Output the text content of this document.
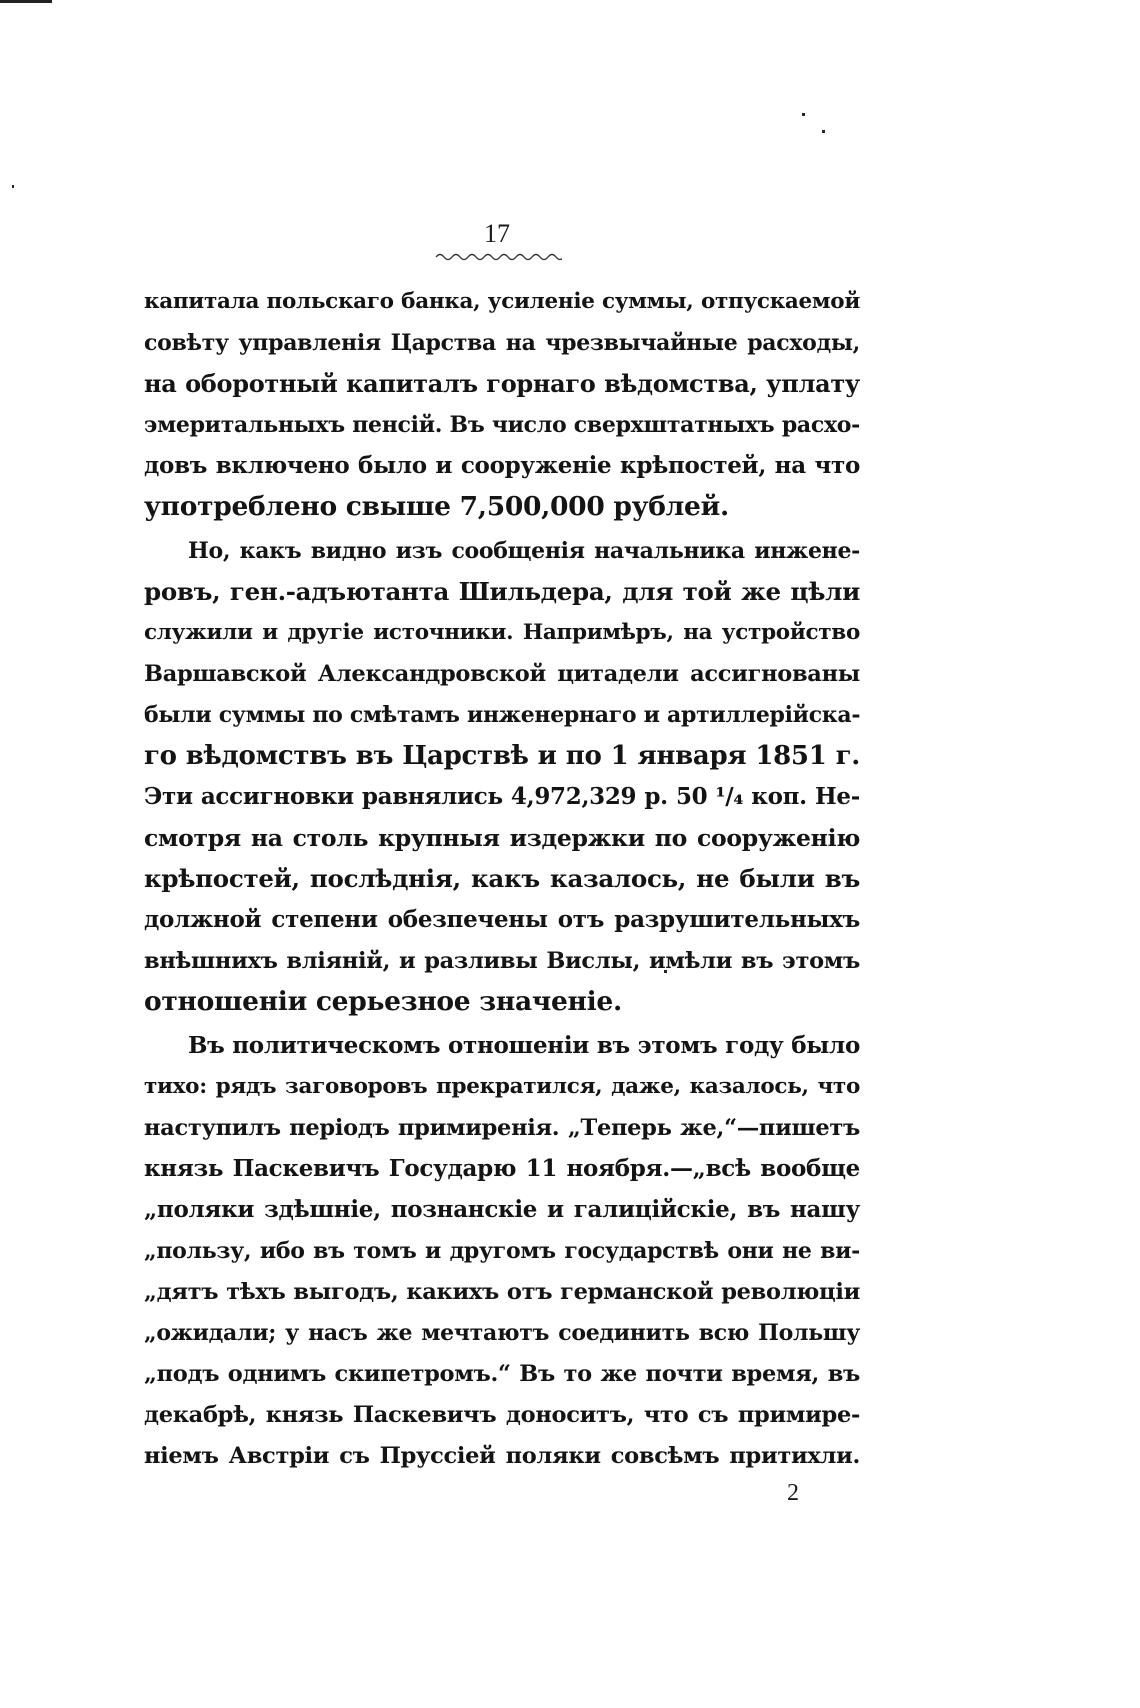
17
капитала польскаго банка, усиленіе суммы, отпускаемой
совѣту управленія Царства на чрезвычайные расходы,
на оборотный капиталъ горнаго вѣдомства, уплату
эмеритальныхъ пенсій. Въ число сверхштатныхъ расхо-
довъ включено было и сооруженіе крѣпостей, на что
употреблено свыше 7,500,000 рублей.
Но, какъ видно изъ сообщенія начальника инжене-
ровъ, ген.-адъютанта Шильдера, для той же цѣли
служили и другіе источники. Напримѣръ, на устройство
Варшавской Александровской цитадели ассигнованы
были суммы по смѣтамъ инженернаго и артиллерійска-
го вѣдомствъ въ Царствѣ и по 1 января 1851 г.
Эти ассигновки равнялись 4,972,329 р. 50 ¹/₄ коп. Не-
смотря на столь крупныя издержки по сооруженію
крѣпостей, послѣднія, какъ казалось, не были въ
должной степени обезпечены отъ разрушительныхъ
внѣшнихъ вліяній, и разливы Вислы, имѣли въ этомъ
отношеніи серьезное значеніе.
Въ политическомъ отношеніи въ этомъ году было
тихо: рядъ заговоровъ прекратился, даже, казалось, что
наступилъ періодъ примиренія. „Теперь же,“—пишетъ
князь Паскевичъ Государю 11 ноября.—„всѣ вообще
„поляки здѣшніе, познанскіе и галиційскіе, въ нашу
„пользу, ибо въ томъ и другомъ государствѣ они не ви-
„дятъ тѣхъ выгодъ, какихъ отъ германской революціи
„ожидали; у насъ же мечтаютъ соединить всю Польшу
„подъ однимъ скипетромъ.“ Въ то же почти время, въ
декабрѣ, князь Паскевичъ доноситъ, что съ примире-
ніемъ Австріи съ Пруссіей поляки совсѣмъ притихли.
2
